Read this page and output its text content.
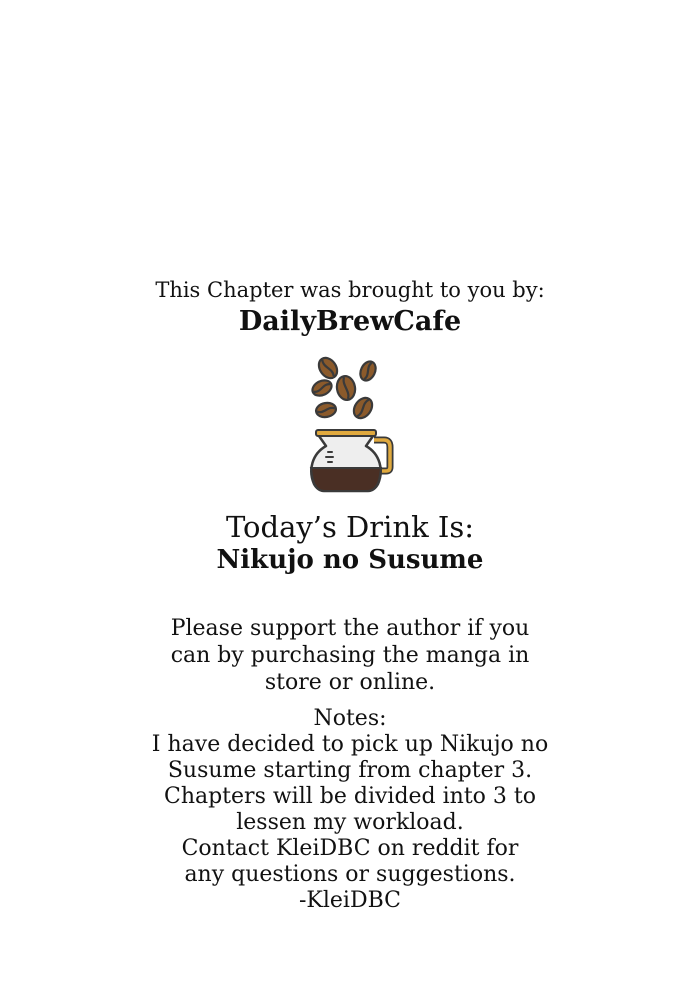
This Chapter was brought to you by:
DailyBrewCafe
Today’s Drink Is:
Nikujo no Susume
Please support the author if you
can by purchasing the manga in
store or online.
Notes:
I have decided to pick up Nikujo no
Susume starting from chapter 3.
Chapters will be divided into 3 to
lessen my workload.
Contact KleiDBC on reddit for
any questions or suggestions.
-KleiDBC
